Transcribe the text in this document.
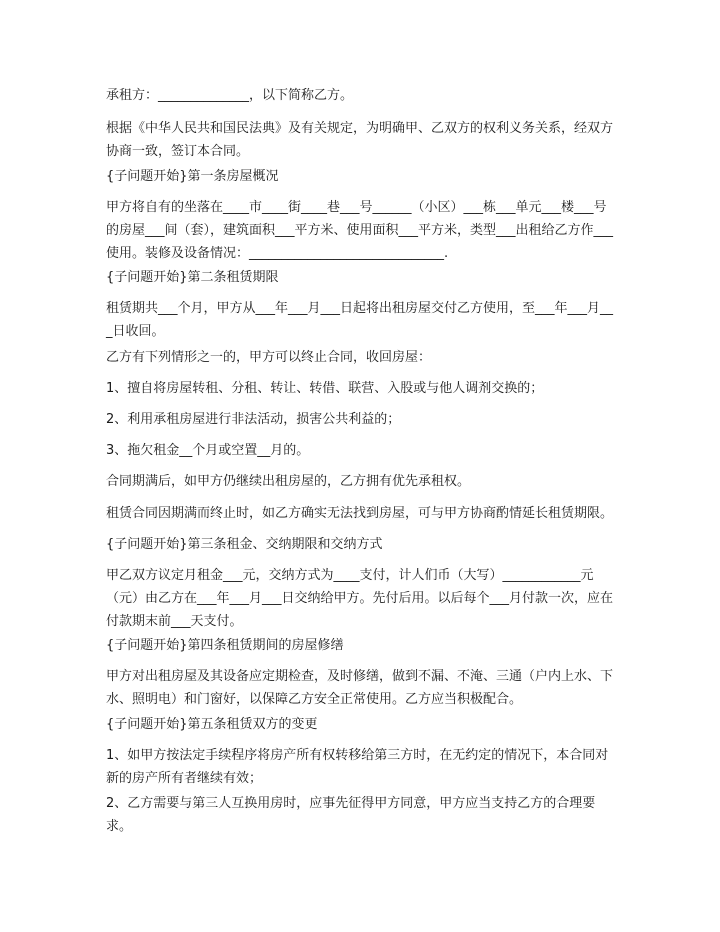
承租方：______________，以下简称乙方。

根据《中华人民共和国民法典》及有关规定，为明确甲、乙双方的权利义务关系，经双方协商一致，签订本合同。

{子问题开始}第一条房屋概况

甲方将自有的坐落在____市____街____巷___号______（小区）___栋___单元___楼___号的房屋___间（套），建筑面积___平方米、使用面积___平方米，类型___出租给乙方作___使用。装修及设备情况：______________________________.

{子问题开始}第二条租赁期限

租赁期共___个月，甲方从___年___月___日起将出租房屋交付乙方使用，至___年___月___日收回。

乙方有下列情形之一的，甲方可以终止合同，收回房屋：

1、擅自将房屋转租、分租、转让、转借、联营、入股或与他人调剂交换的；

2、利用承租房屋进行非法活动，损害公共利益的；

3、拖欠租金__个月或空置__月的。

合同期满后，如甲方仍继续出租房屋的，乙方拥有优先承租权。

租赁合同因期满而终止时，如乙方确实无法找到房屋，可与甲方协商酌情延长租赁期限。

{子问题开始}第三条租金、交纳期限和交纳方式

甲乙双方议定月租金___元，交纳方式为____支付，计人们币（大写）____________元（元）由乙方在___年___月___日交纳给甲方。先付后用。以后每个___月付款一次，应在付款期末前___天支付。

{子问题开始}第四条租赁期间的房屋修缮

甲方对出租房屋及其设备应定期检查，及时修缮，做到不漏、不淹、三通（户内上水、下水、照明电）和门窗好，以保障乙方安全正常使用。乙方应当积极配合。

{子问题开始}第五条租赁双方的变更

1、如甲方按法定手续程序将房产所有权转移给第三方时，在无约定的情况下，本合同对新的房产所有者继续有效；

2、乙方需要与第三人互换用房时，应事先征得甲方同意，甲方应当支持乙方的合理要求。
